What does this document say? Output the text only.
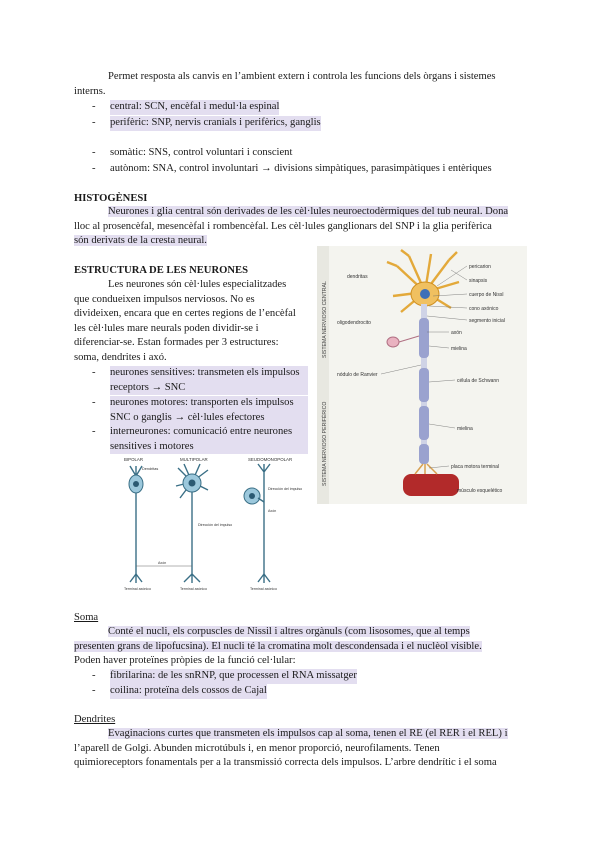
Permet resposta als canvis en l’ambient extern i controla les funcions dels òrgans i sistemes
interns.
- central: SCN, encèfal i medul·la espinal
- perifèric: SNP, nervis cranials i perifèrics, ganglis
- somàtic: SNS, control voluntari i conscient
- autònom: SNA, control involuntari → divisions simpàtiques, parasimpàtiques i entèriques
HISTOGÈNESI
Neurones i glia central són derivades de les cèl·lules neuroectodèrmiques del tub neural. Dona
lloc al prosencèfal, mesencèfal i rombencèfal. Les cèl·lules ganglionars del SNP i la glia perifèrica
són derivats de la cresta neural.
ESTRUCTURA DE LES NEURONES
Les neurones són cèl·lules especialitzades
que condueixen impulsos nerviosos. No es
divideixen, encara que en certes regions de l’encèfal
les cèl·lules mare neurals poden dividir-se i
diferenciar-se. Estan formades per 3 estructures:
soma, dendrites i axó.
- neurones sensitives: transmeten els impulsos
receptors → SNC
- neurones motores: transporten els impulsos
SNC o ganglis → cèl·lules efectores
- interneurones: comunicació entre neurones
sensitives i motores
BIPOLAR	MULTIPOLAR	SEUDOMONOPOLAR
Dendritas
Dirección del impulso
Dirección del impulso
Axón
Axón
Terminal axónico	Terminal axónico	Terminal axónico
SISTEMA NERVIOSO CENTRAL
SISTEMA NERVIOSO PERIFÉRICO
dendritas
pericarion
sinapsis
cuerpo de Nissl
cono axónico
segmento inicial
axón
oligodendrocito
mielina
nódulo de Ranvier
célula de Schwann
mielina
placa motora terminal
músculo esquelético
Soma
Conté el nucli, els corpuscles de Nissil i altres orgànuls (com lisosomes, que al temps
presenten grans de lipofucsina). El nucli té la cromatina molt descondensada i el nuclèol visible.
Poden haver proteïnes pròpies de la funció cel·lular:
- fibrilarina: de les snRNP, que processen el RNA missatger
- coilina: proteïna dels cossos de Cajal
Dendrites
Evaginacions curtes que transmeten els impulsos cap al soma, tenen el RE (el RER i el REL) i
l’aparell de Golgi. Abunden microtúbuls i, en menor proporció, neurofilaments. Tenen
quimioreceptors fonamentals per a la transmissió correcta dels impulsos. L’arbre dendrític i el soma
